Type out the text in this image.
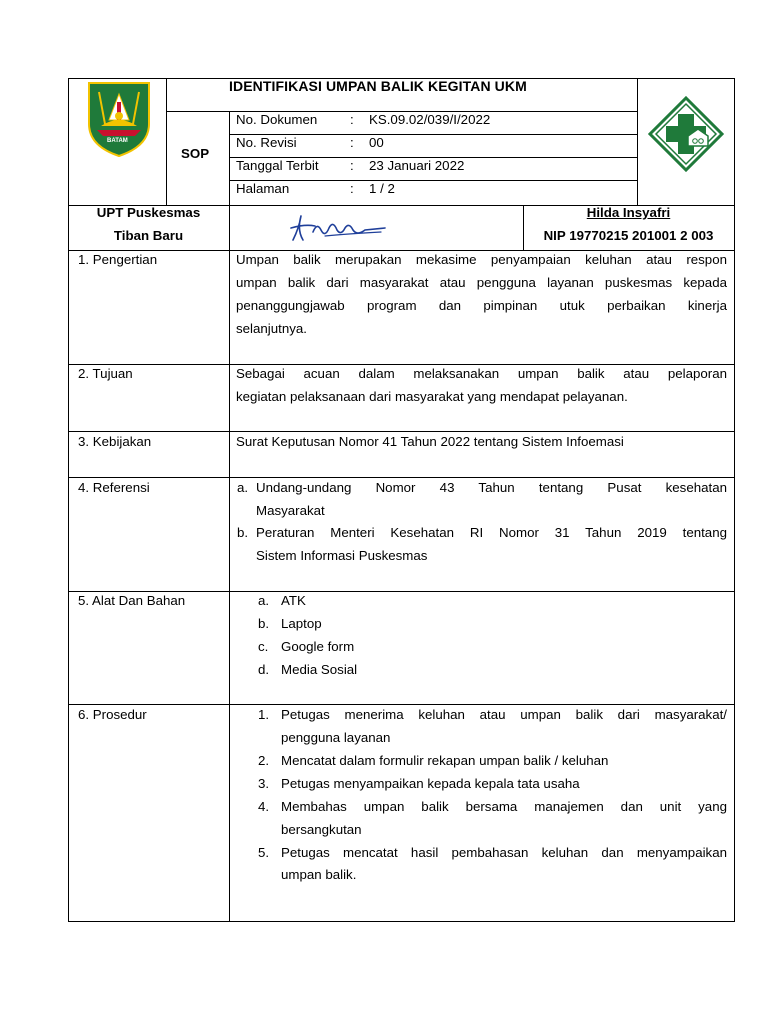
BATAM
IDENTIFIKASI UMPAN BALIK KEGITAN UKM
SOP
No. Dokumen : KS.09.02/039/I/2022
No. Revisi	: 00
Tanggal Terbit : 23 Januari 2022
Halaman	: 1 / 2
UPT Puskesmas
Tiban Baru
Hilda Insyafri
NIP 19770215 201001 2 003
1. Pengertian	Umpan balik merupakan mekasime penyampaian keluhan atau respon
umpan balik dari masyarakat atau pengguna layanan puskesmas kepada
penanggungjawab program dan pimpinan utuk perbaikan kinerja
selanjutnya.
2. Tujuan	Sebagai acuan dalam melaksanakan umpan balik atau pelaporan
kegiatan pelaksanaan dari masyarakat yang mendapat pelayanan.
3. Kebijakan	Surat Keputusan Nomor 41 Tahun 2022 tentang Sistem Infoemasi
4. Referensi	a. Undang-undang Nomor 43 Tahun tentang Pusat kesehatan
Masyarakat
b. Peraturan Menteri Kesehatan RI Nomor 31 Tahun 2019 tentang
Sistem Informasi Puskesmas
5. Alat Dan Bahan	a. ATK
b. Laptop
c. Google form
d. Media Sosial
6. Prosedur	1. Petugas menerima keluhan atau umpan balik dari masyarakat/
pengguna layanan
2. Mencatat dalam formulir rekapan umpan balik / keluhan
3. Petugas menyampaikan kepada kepala tata usaha
4. Membahas umpan balik bersama manajemen dan unit yang
bersangkutan
5. Petugas mencatat hasil pembahasan keluhan dan menyampaikan
umpan balik.
